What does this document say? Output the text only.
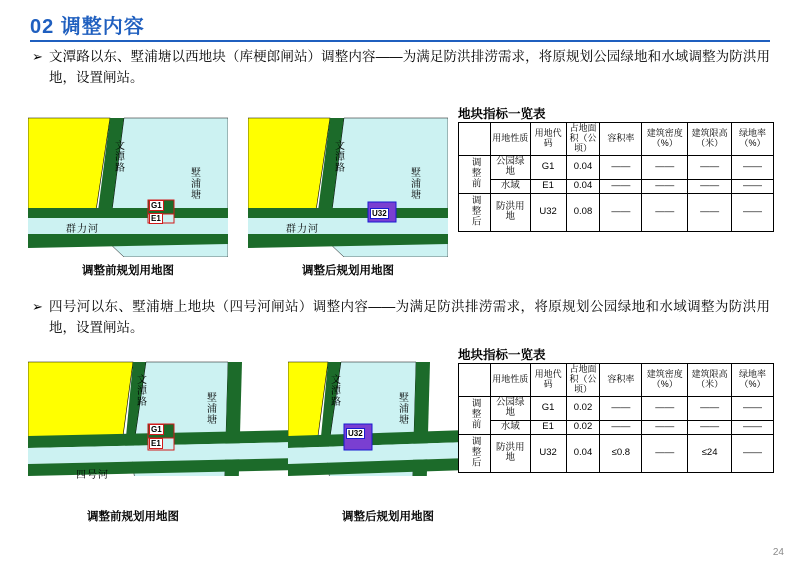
02 调整内容
➢ 文潭路以东、墅浦塘以西地块（库梗郎闸站）调整内容——为满足防洪排涝需求，将原规划公园绿地和水域调整为防洪用地，设置闸站。
文潭路
墅浦塘
群力河
G1
E1
调整前规划用地图
文潭路
墅浦塘
群力河
U32
调整后规划用地图
地块指标一览表
	用地性质	用地代码	占地面积（公顷）	容积率	建筑密度（%）	建筑限高（米）	绿地率（%）
调整前	公园绿地	G1	0.04	——	——	——	——
	水域	E1	0.04	——	——	——	——
调整后	防洪用地	U32	0.08	——	——	——	——
➢ 四号河以东、墅浦塘上地块（四号河闸站）调整内容——为满足防洪排涝需求，将原规划公园绿地和水域调整为防洪用地，设置闸站。
文潭路
墅浦塘
四号河
G1
E1
调整前规划用地图
文潭路
墅浦塘
U32
调整后规划用地图
地块指标一览表
	用地性质	用地代码	占地面积（公顷）	容积率	建筑密度（%）	建筑限高（米）	绿地率（%）
调整前	公园绿地	G1	0.02	——	——	——	——
	水域	E1	0.02	——	——	——	——
调整后	防洪用地	U32	0.04	≤0.8	——	≤24	——
24
